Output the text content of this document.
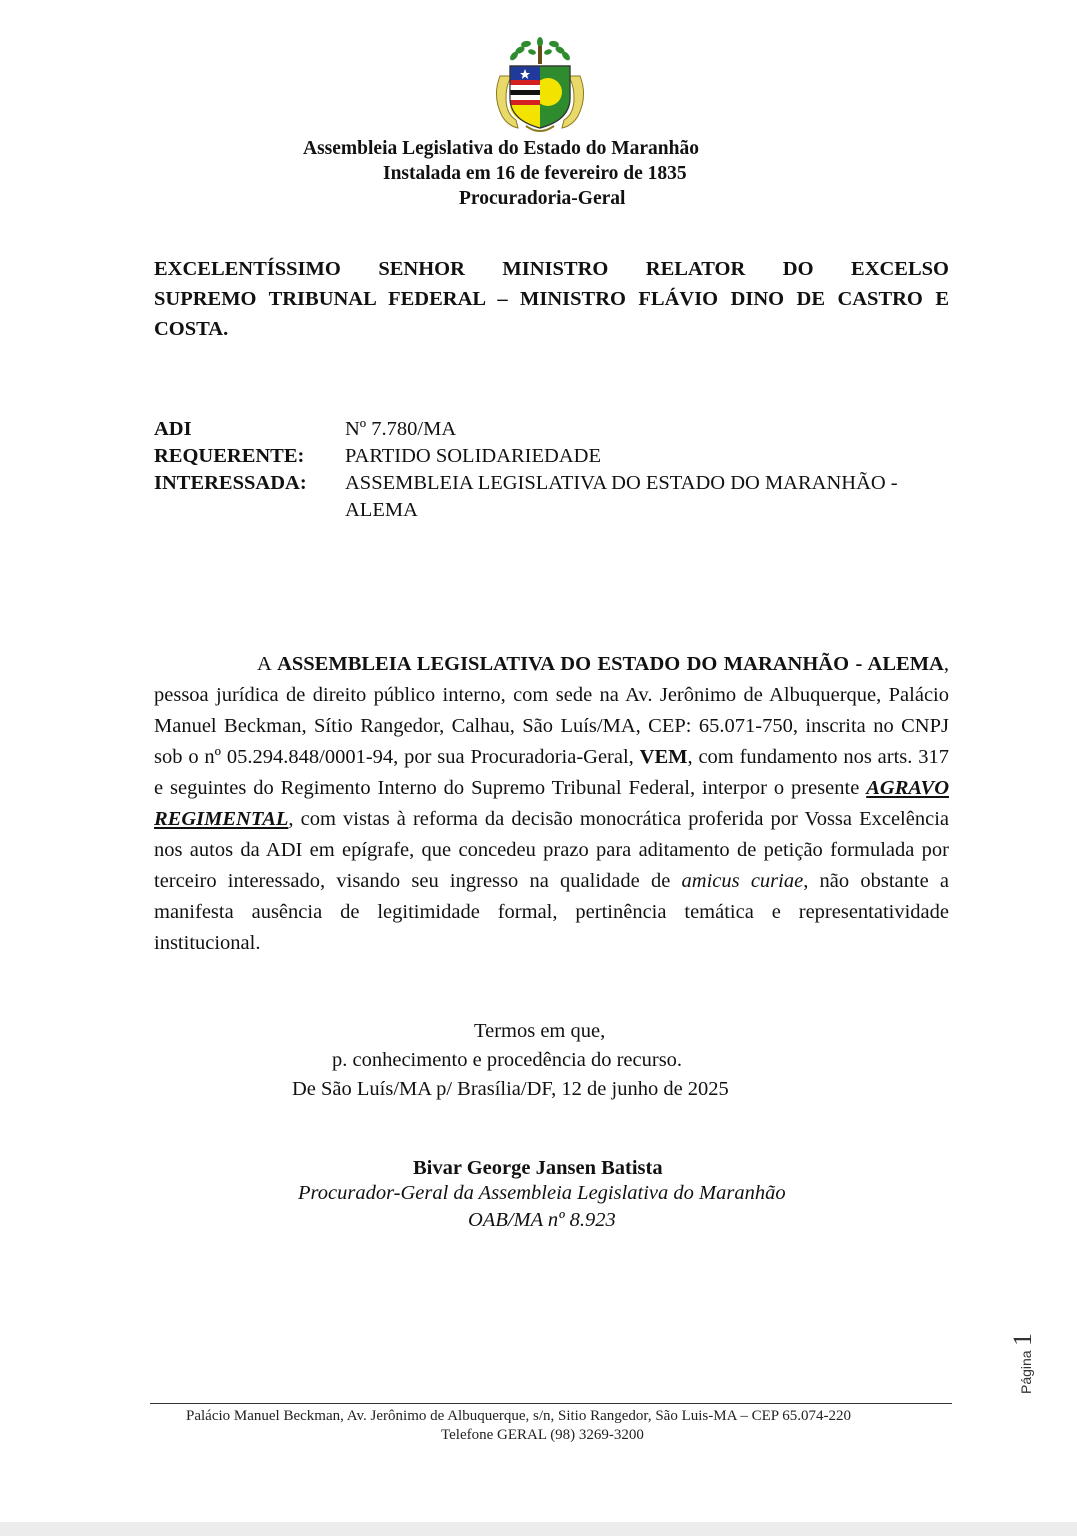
Assembleia Legislativa do Estado do Maranhão
Instalada em 16 de fevereiro de 1835
Procuradoria-Geral
EXCELENTÍSSIMO SENHOR MINISTRO RELATOR DO EXCELSO
SUPREMO TRIBUNAL FEDERAL – MINISTRO FLÁVIO DINO DE CASTRO E
COSTA.
ADI	Nº 7.780/MA
REQUERENTE:	PARTIDO SOLIDARIEDADE
INTERESSADA:	ASSEMBLEIA LEGISLATIVA DO ESTADO DO MARANHÃO -ALEMA
A ASSEMBLEIA LEGISLATIVA DO ESTADO DO MARANHÃO - ALEMA, pessoa jurídica de direito público interno, com sede na Av. Jerônimo de Albuquerque, Palácio Manuel Beckman, Sítio Rangedor, Calhau, São Luís/MA, CEP: 65.071-750, inscrita no CNPJ sob o nº 05.294.848/0001-94, por sua Procuradoria-Geral, VEM, com fundamento nos arts. 317 e seguintes do Regimento Interno do Supremo Tribunal Federal, interpor o presente AGRAVO REGIMENTAL, com vistas à reforma da decisão monocrática proferida por Vossa Excelência nos autos da ADI em epígrafe, que concedeu prazo para aditamento de petição formulada por terceiro interessado, visando seu ingresso na qualidade de amicus curiae, não obstante a manifesta ausência de legitimidade formal, pertinência temática e representatividade institucional.
Termos em que,
p. conhecimento e procedência do recurso.
De São Luís/MA p/ Brasília/DF, 12 de junho de 2025
Bivar George Jansen Batista
Procurador-Geral da Assembleia Legislativa do Maranhão
OAB/MA nº 8.923
Página 1
Palácio Manuel Beckman, Av. Jerônimo de Albuquerque, s/n, Sitio Rangedor, São Luis-MA – CEP 65.074-220
Telefone GERAL (98) 3269-3200
